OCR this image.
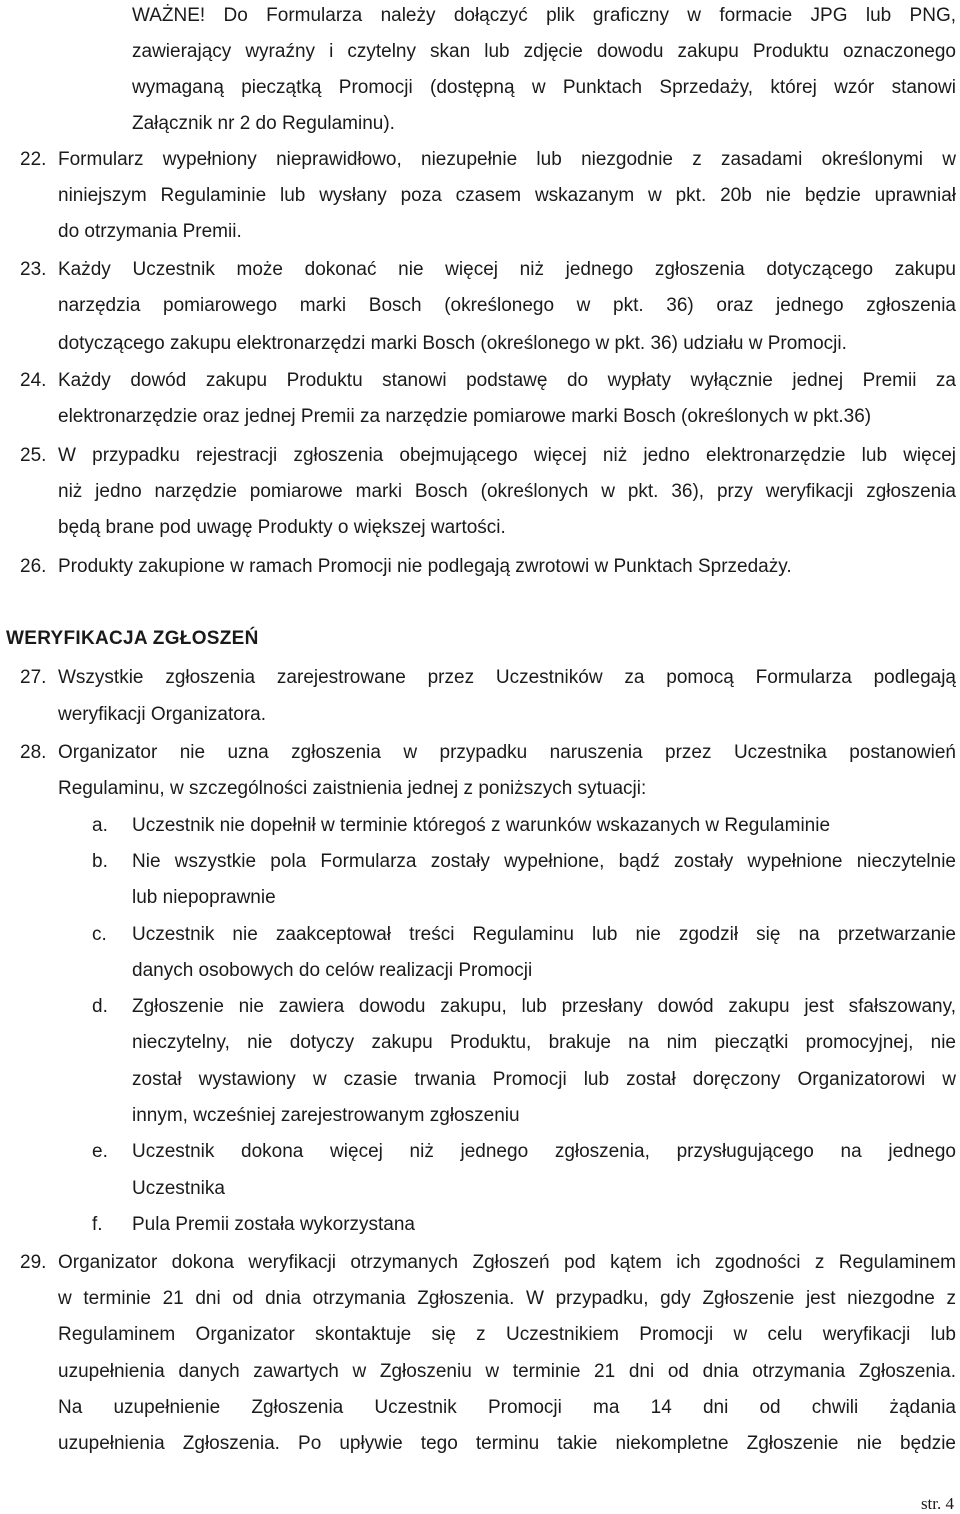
WAŻNE! Do Formularza należy dołączyć plik graficzny w formacie JPG lub PNG,

zawierający wyraźny i czytelny skan lub zdjęcie dowodu zakupu Produktu oznaczonego

wymaganą pieczątką Promocji (dostępną w Punktach Sprzedaży, której wzór stanowi

Załącznik nr 2 do Regulaminu).

22. Formularz wypełniony nieprawidłowo, niezupełnie lub niezgodnie z zasadami określonymi w

niniejszym Regulaminie lub wysłany poza czasem wskazanym w pkt. 20b nie będzie uprawniał

do otrzymania Premii.

23. Każdy Uczestnik może dokonać nie więcej niż jednego zgłoszenia dotyczącego zakupu

narzędzia pomiarowego marki Bosch (określonego w pkt. 36) oraz jednego zgłoszenia

dotyczącego zakupu elektronarzędzi marki Bosch (określonego w pkt. 36) udziału w Promocji.

24. Każdy dowód zakupu Produktu stanowi podstawę do wypłaty wyłącznie jednej Premii za

elektronarzędzie oraz jednej Premii za narzędzie pomiarowe marki Bosch (określonych w pkt.36)

25. W przypadku rejestracji zgłoszenia obejmującego więcej niż jedno elektronarzędzie lub więcej

niż jedno narzędzie pomiarowe marki Bosch (określonych w pkt. 36), przy weryfikacji zgłoszenia

będą brane pod uwagę Produkty o większej wartości.

26. Produkty zakupione w ramach Promocji nie podlegają zwrotowi w Punktach Sprzedaży.

WERYFIKACJA ZGŁOSZEŃ

27. Wszystkie zgłoszenia zarejestrowane przez Uczestników za pomocą Formularza podlegają

weryfikacji Organizatora.

28. Organizator nie uzna zgłoszenia w przypadku naruszenia przez Uczestnika postanowień

Regulaminu, w szczególności zaistnienia jednej z poniższych sytuacji:

a. Uczestnik nie dopełnił w terminie któregoś z warunków wskazanych w Regulaminie

b. Nie wszystkie pola Formularza zostały wypełnione, bądź zostały wypełnione nieczytelnie

lub niepoprawnie

c. Uczestnik nie zaakceptował treści Regulaminu lub nie zgodził się na przetwarzanie

danych osobowych do celów realizacji Promocji

d. Zgłoszenie nie zawiera dowodu zakupu, lub przesłany dowód zakupu jest sfałszowany,

nieczytelny, nie dotyczy zakupu Produktu, brakuje na nim pieczątki promocyjnej, nie

został wystawiony w czasie trwania Promocji lub został doręczony Organizatorowi w

innym, wcześniej zarejestrowanym zgłoszeniu

e. Uczestnik dokona więcej niż jednego zgłoszenia, przysługującego na jednego

Uczestnika

f. Pula Premii została wykorzystana

29. Organizator dokona weryfikacji otrzymanych Zgłoszeń pod kątem ich zgodności z Regulaminem

w terminie 21 dni od dnia otrzymania Zgłoszenia. W przypadku, gdy Zgłoszenie jest niezgodne z

Regulaminem Organizator skontaktuje się z Uczestnikiem Promocji w celu weryfikacji lub

uzupełnienia danych zawartych w Zgłoszeniu w terminie 21 dni od dnia otrzymania Zgłoszenia.

Na uzupełnienie Zgłoszenia Uczestnik Promocji ma 14 dni od chwili żądania

uzupełnienia Zgłoszenia. Po upływie tego terminu takie niekompletne Zgłoszenie nie będzie

str. 4
